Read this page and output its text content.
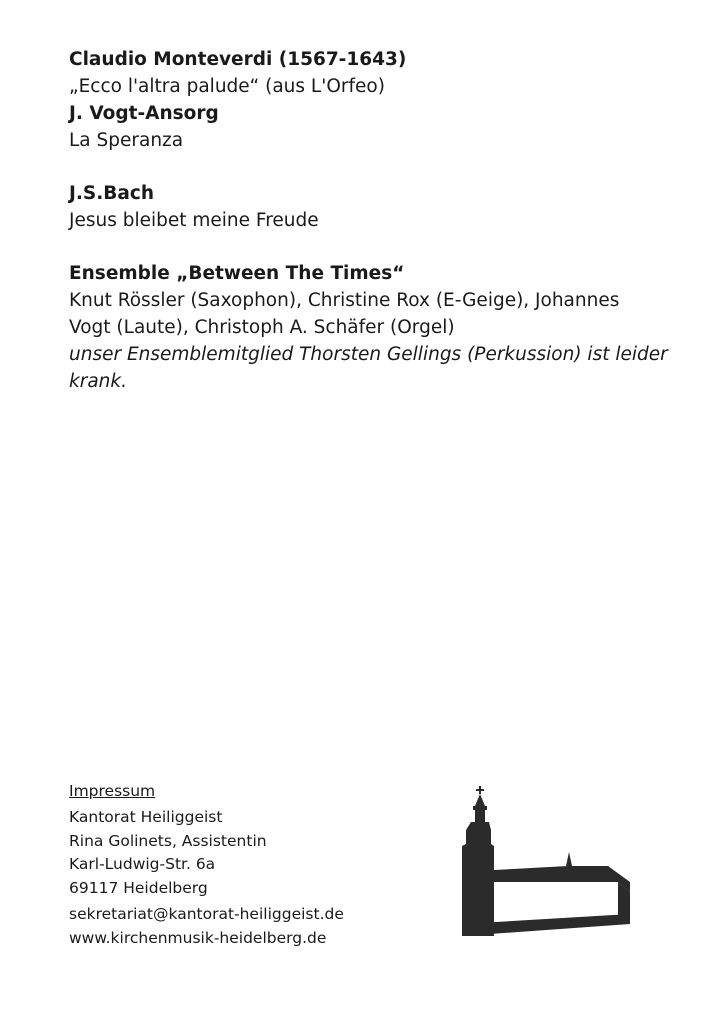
Claudio Monteverdi (1567-1643)
„Ecco l'altra palude“ (aus L'Orfeo)
J. Vogt-Ansorg
La Speranza
J.S.Bach
Jesus bleibet meine Freude
Ensemble „Between The Times“
Knut Rössler (Saxophon), Christine Rox (E-Geige), Johannes
Vogt (Laute), Christoph A. Schäfer (Orgel)
unser Ensemblemitglied Thorsten Gellings (Perkussion) ist leider
krank.
Impressum
Kantorat Heiliggeist
Rina Golinets, Assistentin
Karl-Ludwig-Str. 6a
69117 Heidelberg
sekretariat@kantorat-heiliggeist.de
www.kirchenmusik-heidelberg.de
